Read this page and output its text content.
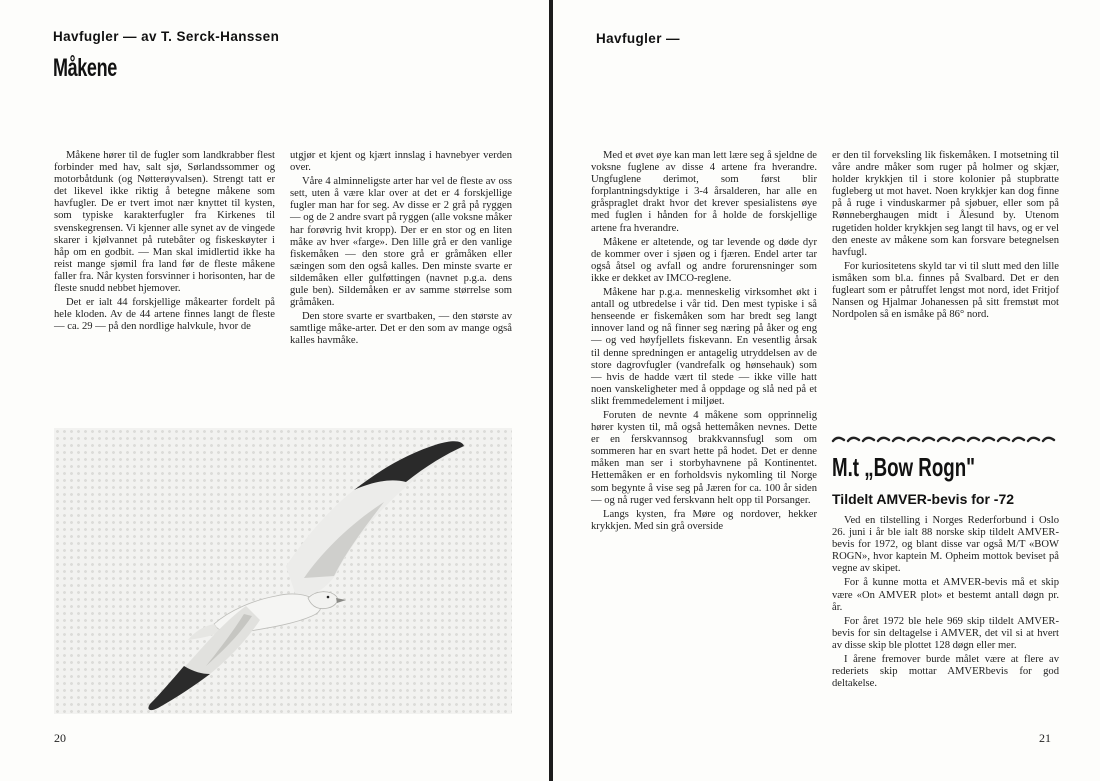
Havfugler — av T. Serck-Hanssen
Måkene

Måkene hører til de fugler som landkrabber flest forbinder med hav, salt sjø, Sørlandssommer og motorbåtdunk (og Nøtterøyvalsen). Strengt tatt er det likevel ikke riktig å betegne måkene som havfugler. De er tvert imot nær knyttet til kysten, som typiske karakterfugler fra Kirkenes til svenskegrensen. Vi kjenner alle synet av de vingede skarer i kjølvannet på rutebåter og fiskeskøyter i håp om en godbit. — Man skal imidlertid ikke ha reist mange sjømil fra land før de fleste måkene faller fra. Når kysten forsvinner i horisonten, har de fleste snudd nebbet hjemover.

Det er ialt 44 forskjellige måkearter fordelt på hele kloden. Av de 44 artene finnes langt de fleste — ca. 29 — på den nordlige halvkule, hvor de

utgjør et kjent og kjært innslag i havnebyer verden over.

Våre 4 alminneligste arter har vel de fleste av oss sett, uten å være klar over at det er 4 forskjellige fugler man har for seg. Av disse er 2 grå på ryggen — og de 2 andre svart på ryggen (alle voksne måker har forøvrig hvit kropp). Der er en stor og en liten måke av hver «farge». Den lille grå er den vanlige fiskemåken — den store grå er gråmåken eller sæingen som den også kalles. Den minste svarte er sildemåken eller gulføttingen (navnet p.g.a. dens gule ben). Sildemåken er av samme størrelse som gråmåken.

Den store svarte er svartbaken, — den største av samtlige måke-arter. Det er den som av mange også kalles havmåke.

20
Havfugler —

Med et øvet øye kan man lett lære seg å sjeldne de voksne fuglene av disse 4 artene fra hverandre. Ungfuglene derimot, som først blir forplantningsdyktige i 3-4 årsalderen, har alle en gråspraglet drakt hvor det krever spesialistens øye med fuglen i hånden for å holde de forskjellige artene fra hverandre.

Måkene er altetende, og tar levende og døde dyr de kommer over i sjøen og i fjæren. Endel arter tar også åtsel og avfall og andre forurensninger som ikke er dekket av IMCO-reglene.

Måkene har p.g.a. menneskelig virksomhet økt i antall og utbredelse i vår tid. Den mest typiske i så henseende er fiskemåken som har bredt seg langt innover land og nå finner seg næring på åker og eng — og ved høyfjellets fiskevann. En vesentlig årsak til denne spredningen er antagelig utryddelsen av de store dagrovfugler (vandrefalk og hønsehauk) som — hvis de hadde vært til stede — ikke ville hatt noen vanskeligheter med å oppdage og slå ned på et slikt fremmedelement i miljøet.

Foruten de nevnte 4 måkene som opprinnelig hører kysten til, må også hettemåken nevnes. Dette er en ferskvannsog brakkvannsfugl som om sommeren har en svart hette på hodet. Det er denne måken man ser i storbyhavnene på Kontinentet. Hettemåken er en forholdsvis nykomling til Norge som begynte å vise seg på Jæren for ca. 100 år siden — og nå ruger ved ferskvann helt opp til Porsanger.

Langs kysten, fra Møre og nordover, hekker krykkjen. Med sin grå overside

er den til forveksling lik fiskemåken. I motsetning til våre andre måker som ruger på holmer og skjær, holder krykkjen til i store kolonier på stupbratte fugleberg ut mot havet. Noen krykkjer kan dog finne på å ruge i vinduskarmer på sjøbuer, eller som på Rønneberghaugen midt i Ålesund by. Utenom rugetiden holder krykkjen seg langt til havs, og er vel den eneste av måkene som kan forsvare betegnelsen havfugl.

For kuriositetens skyld tar vi til slutt med den lille ismåken som bl.a. finnes på Svalbard. Det er den fugleart som er påtruffet lengst mot nord, idet Fritjof Nansen og Hjalmar Johanessen på sitt fremstøt mot Nordpolen så en ismåke på 86° nord.

21
M.t „Bow Rogn"
Tildelt AMVER-bevis for -72

Ved en tilstelling i Norges Rederforbund i Oslo 26. juni i år ble ialt 88 norske skip tildelt AMVER-bevis for 1972, og blant disse var også M/T «BOW ROGN», hvor kaptein M. Opheim mottok beviset på vegne av skipet.

For å kunne motta et AMVER-bevis må et skip være «On AMVER plot» et bestemt antall døgn pr. år.

For året 1972 ble hele 969 skip tildelt AMVER-bevis for sin deltagelse i AMVER, det vil si at hvert av disse skip ble plottet 128 døgn eller mer.

I årene fremover burde målet være at flere av rederiets skip mottar AMVERbevis for god deltakelse.
